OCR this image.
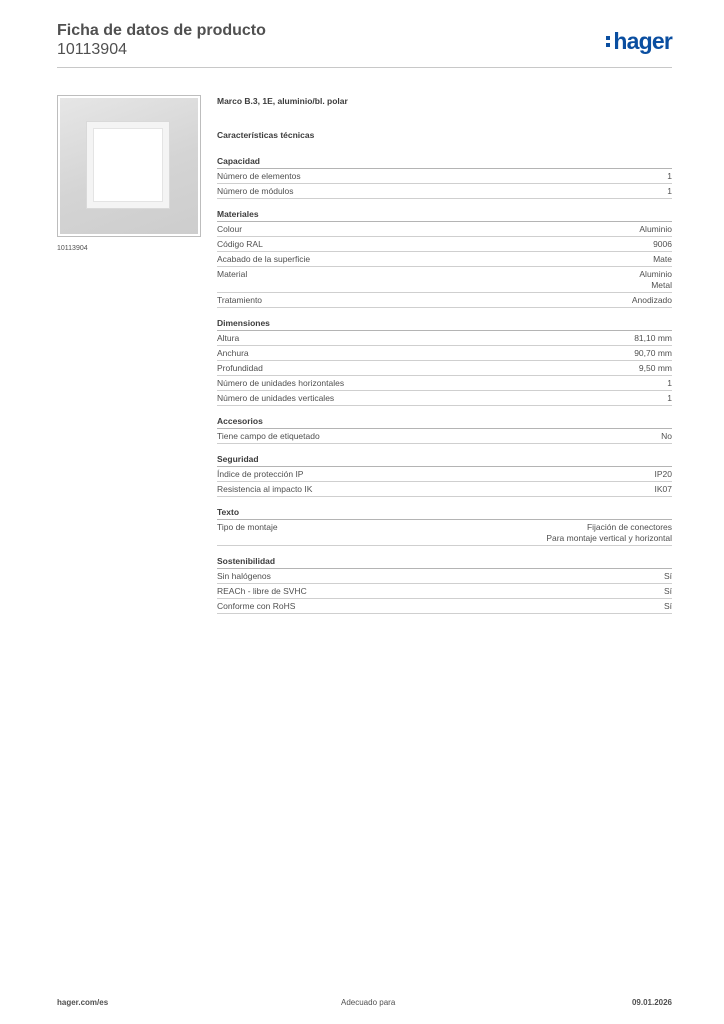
Ficha de datos de producto
10113904	hager
10113904
Marco B.3, 1E, aluminio/bl. polar
Características técnicas
Capacidad
Número de elementos	1
Número de módulos	1
Materiales
Colour	Aluminio
Código RAL	9006
Acabado de la superficie	Mate
Material	Aluminio
Metal
Tratamiento	Anodizado
Dimensiones
Altura	81,10 mm
Anchura	90,70 mm
Profundidad	9,50 mm
Número de unidades horizontales	1
Número de unidades verticales	1
Accesorios
Tiene campo de etiquetado	No
Seguridad
Índice de protección IP	IP20
Resistencia al impacto IK	IK07
Texto
Tipo de montaje	Fijación de conectores
Para montaje vertical y horizontal
Sostenibilidad
Sin halógenos	Sí
REACh - libre de SVHC	Sí
Conforme con RoHS	Sí
hager.com/es	Adecuado para	09.01.2026
